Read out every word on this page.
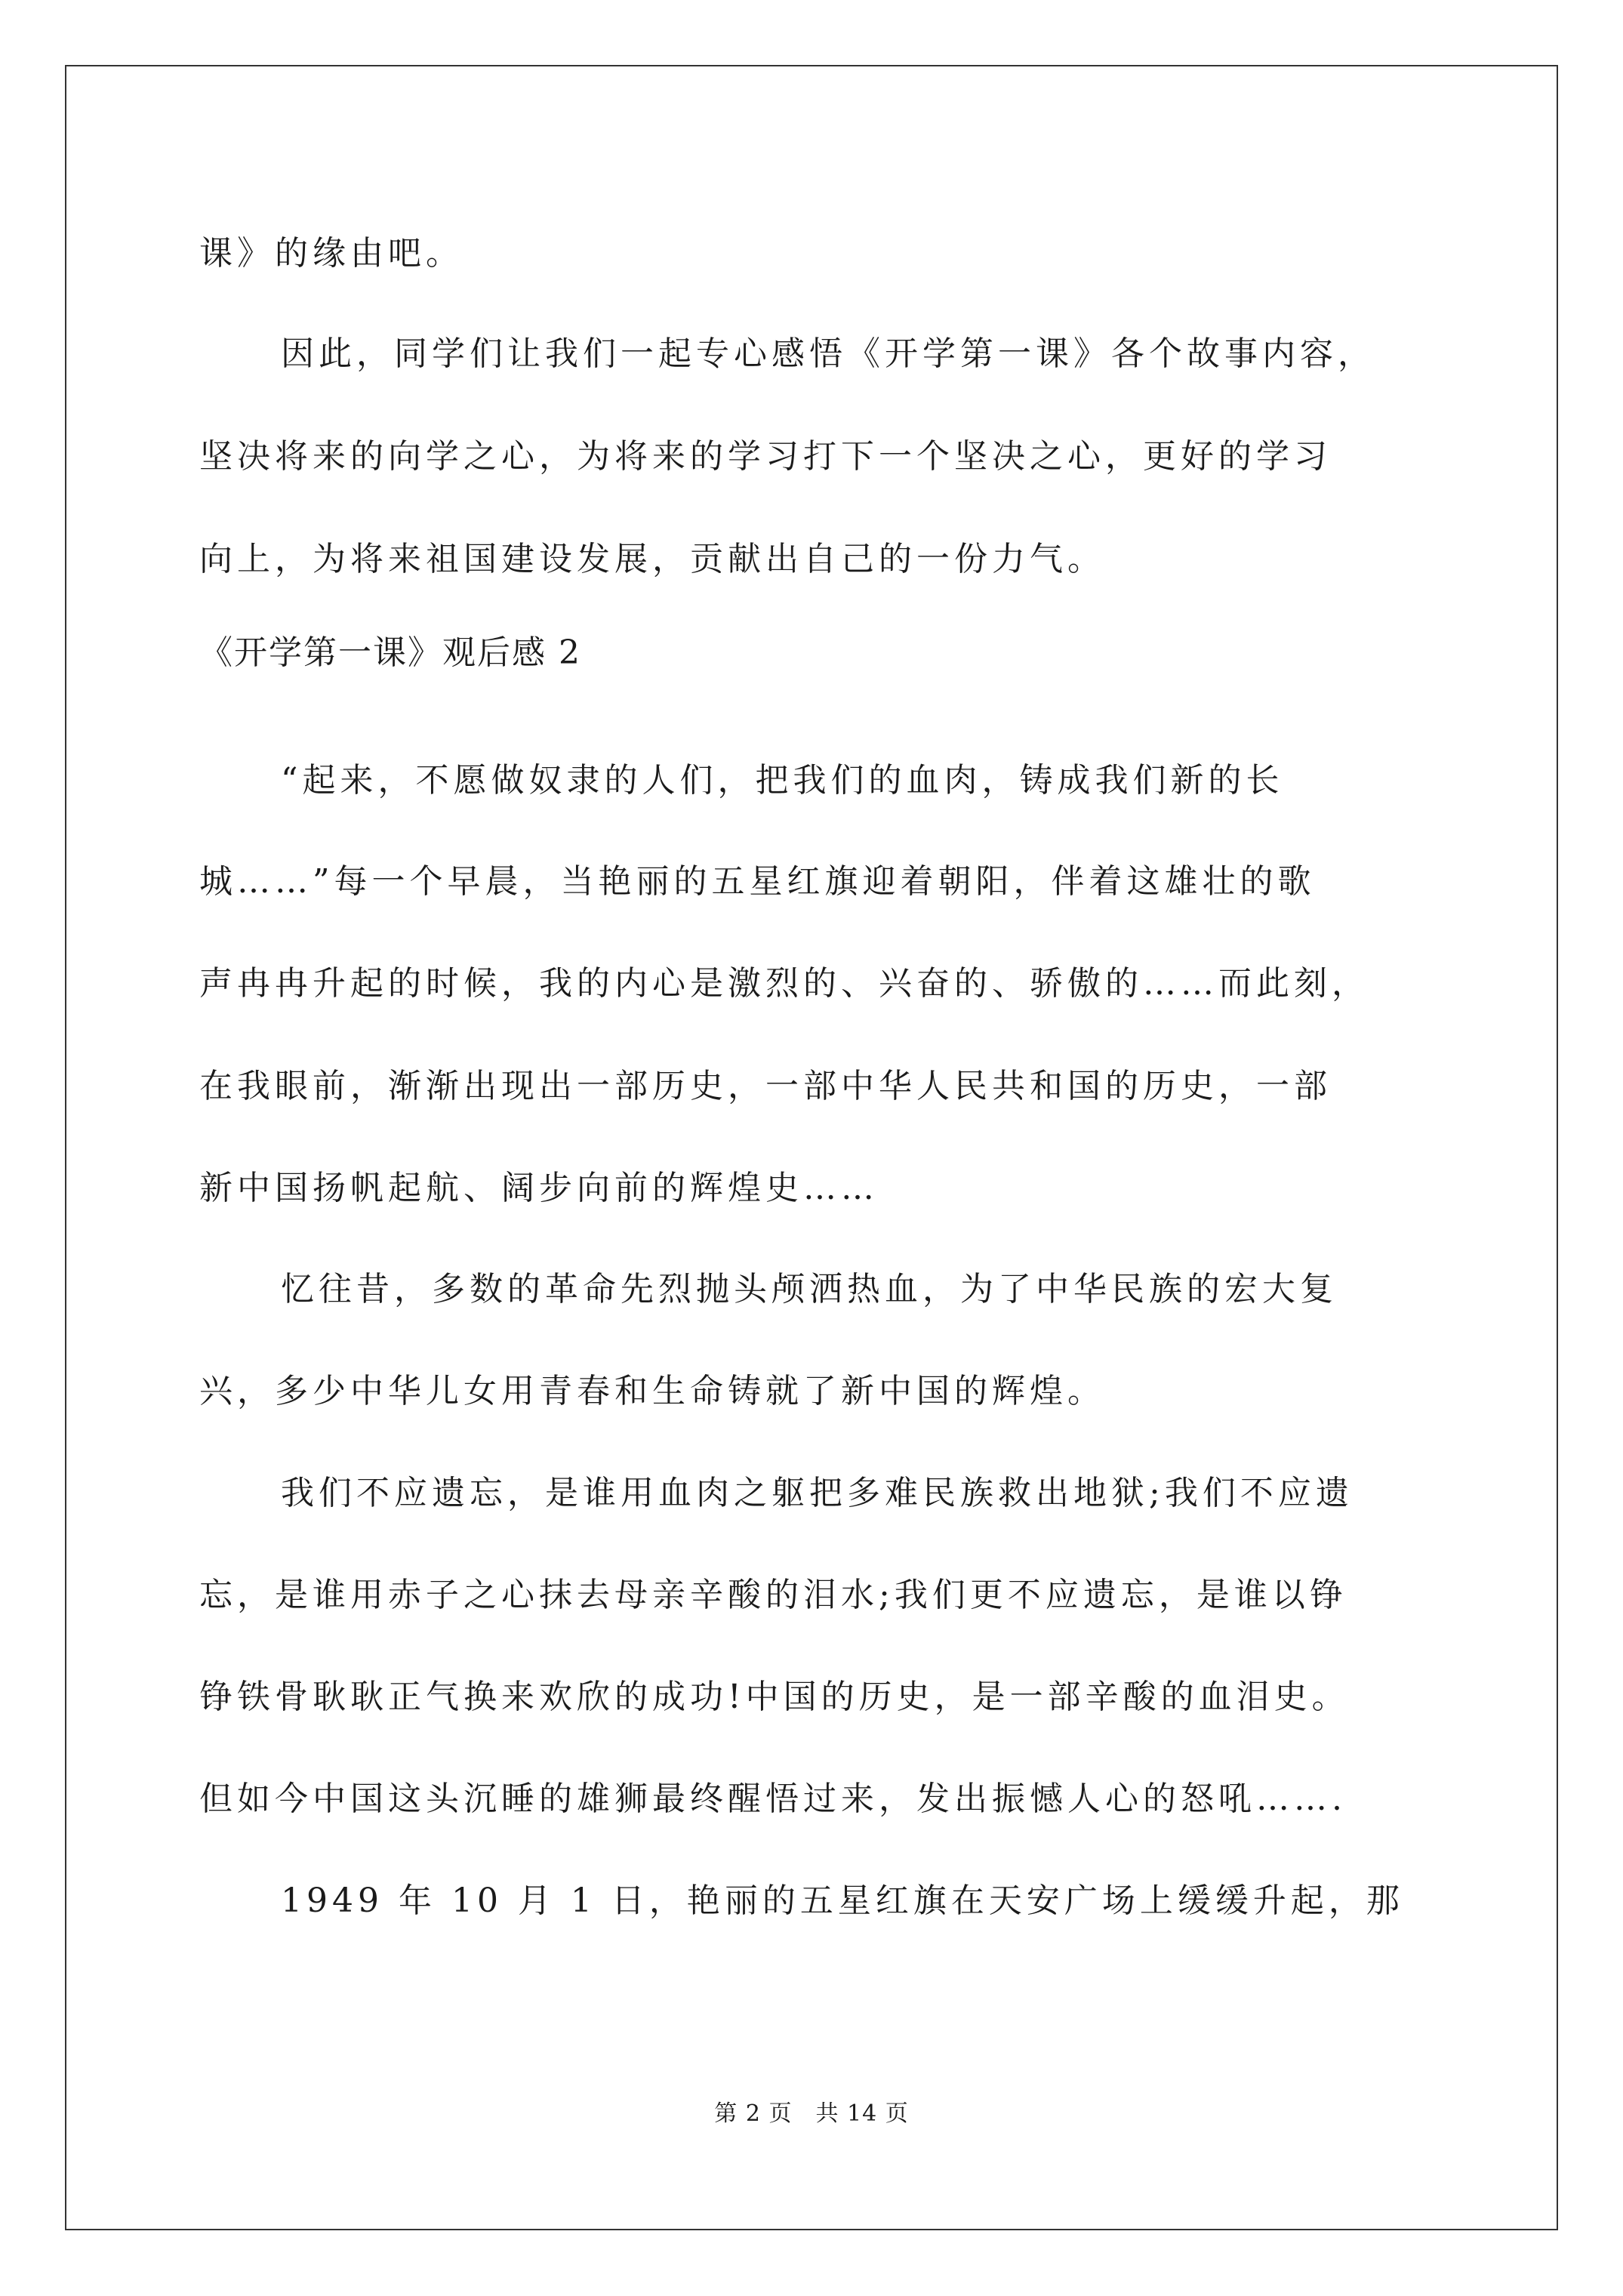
课》的缘由吧。
因此，同学们让我们一起专心感悟《开学第一课》各个故事内容，
坚决将来的向学之心，为将来的学习打下一个坚决之心，更好的学习
向上，为将来祖国建设发展，贡献出自己的一份力气。
《开学第一课》观后感 2
“起来，不愿做奴隶的人们，把我们的血肉，铸成我们新的长
城……”每一个早晨，当艳丽的五星红旗迎着朝阳，伴着这雄壮的歌
声冉冉升起的时候，我的内心是激烈的、兴奋的、骄傲的……而此刻，
在我眼前，渐渐出现出一部历史，一部中华人民共和国的历史，一部
新中国扬帆起航、阔步向前的辉煌史……
忆往昔，多数的革命先烈抛头颅洒热血，为了中华民族的宏大复
兴，多少中华儿女用青春和生命铸就了新中国的辉煌。
我们不应遗忘，是谁用血肉之躯把多难民族救出地狱;我们不应遗
忘，是谁用赤子之心抹去母亲辛酸的泪水;我们更不应遗忘，是谁以铮
铮铁骨耿耿正气换来欢欣的成功!中国的历史，是一部辛酸的血泪史。
但如今中国这头沉睡的雄狮最终醒悟过来，发出振憾人心的怒吼…….
1949 年 10 月 1 日，艳丽的五星红旗在天安广场上缓缓升起，那
第 2 页　共 14 页
